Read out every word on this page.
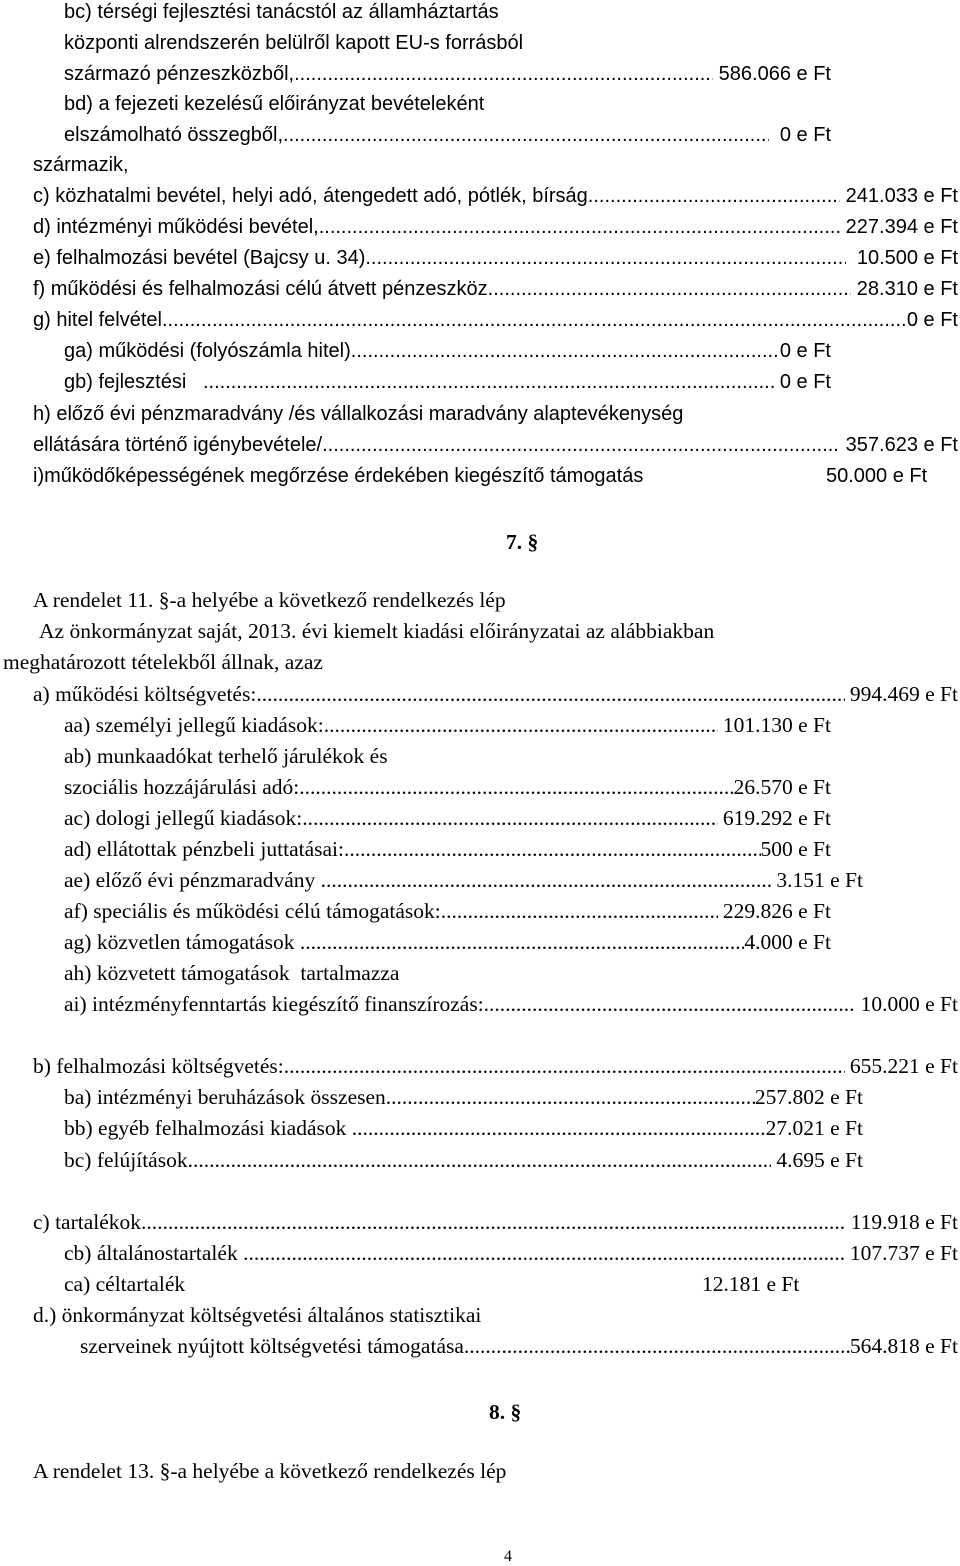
bc) térségi fejlesztési tanácstól az államháztartás
központi alrendszerén belülről kapott EU-s forrásból
származó pénzeszközből, .....	586.066 e Ft
bd) a fejezeti kezelésű előirányzat bevételeként
elszámolható összegből, .....	0 e Ft
származik,
c) közhatalmi bevétel, helyi adó, átengedett adó, pótlék, bírság .....	241.033 e Ft
d) intézményi működési bevétel, .....	227.394 e Ft
e) felhalmozási bevétel (Bajcsy u. 34) .....	10.500 e Ft
f) működési és felhalmozási célú átvett pénzeszköz .....	28.310 e Ft
g) hitel felvétel .....	0 e Ft
ga) működési (folyószámla hitel) .....	0 e Ft
gb) fejlesztési .....	0 e Ft
h) előző évi pénzmaradvány /és vállalkozási maradvány alaptevékenység
ellátására történő igénybevétele/ .....	357.623 e Ft
i)működőképességének megőrzése érdekében kiegészítő támogatás	50.000 e Ft
7. §
A rendelet 11. §-a helyébe a következő rendelkezés lép
Az önkormányzat saját, 2013. évi kiemelt kiadási előirányzatai az alábbiakban
meghatározott tételekből állnak, azaz
a) működési költségvetés: .....	994.469 e Ft
aa) személyi jellegű kiadások: .....	101.130 e Ft
ab) munkaadókat terhelő járulékok és
szociális hozzájárulási adó: .....	26.570 e Ft
ac) dologi jellegű kiadások: .....	619.292 e Ft
ad) ellátottak pénzbeli juttatásai: .....	500 e Ft
ae) előző évi pénzmaradvány .....	3.151 e Ft
af) speciális és működési célú támogatások: .....	229.826 e Ft
ag) közvetlen támogatások .....	4.000 e Ft
ah) közvetett támogatások  tartalmazza
ai) intézményfenntartás kiegészítő finanszírozás: .....	10.000 e Ft
b) felhalmozási költségvetés: .....	655.221 e Ft
ba) intézményi beruházások összesen .....	257.802 e Ft
bb) egyéb felhalmozási kiadások .....	27.021 e Ft
bc) felújítások .....	4.695 e Ft
c) tartalékok .....	119.918 e Ft
cb) általánostartalék .....	107.737 e Ft
ca) céltartalék	12.181 e Ft
d.) önkormányzat költségvetési általános statisztikai
szerveinek nyújtott költségvetési támogatása .....	564.818 e Ft
8. §
A rendelet 13. §-a helyébe a következő rendelkezés lép
4
